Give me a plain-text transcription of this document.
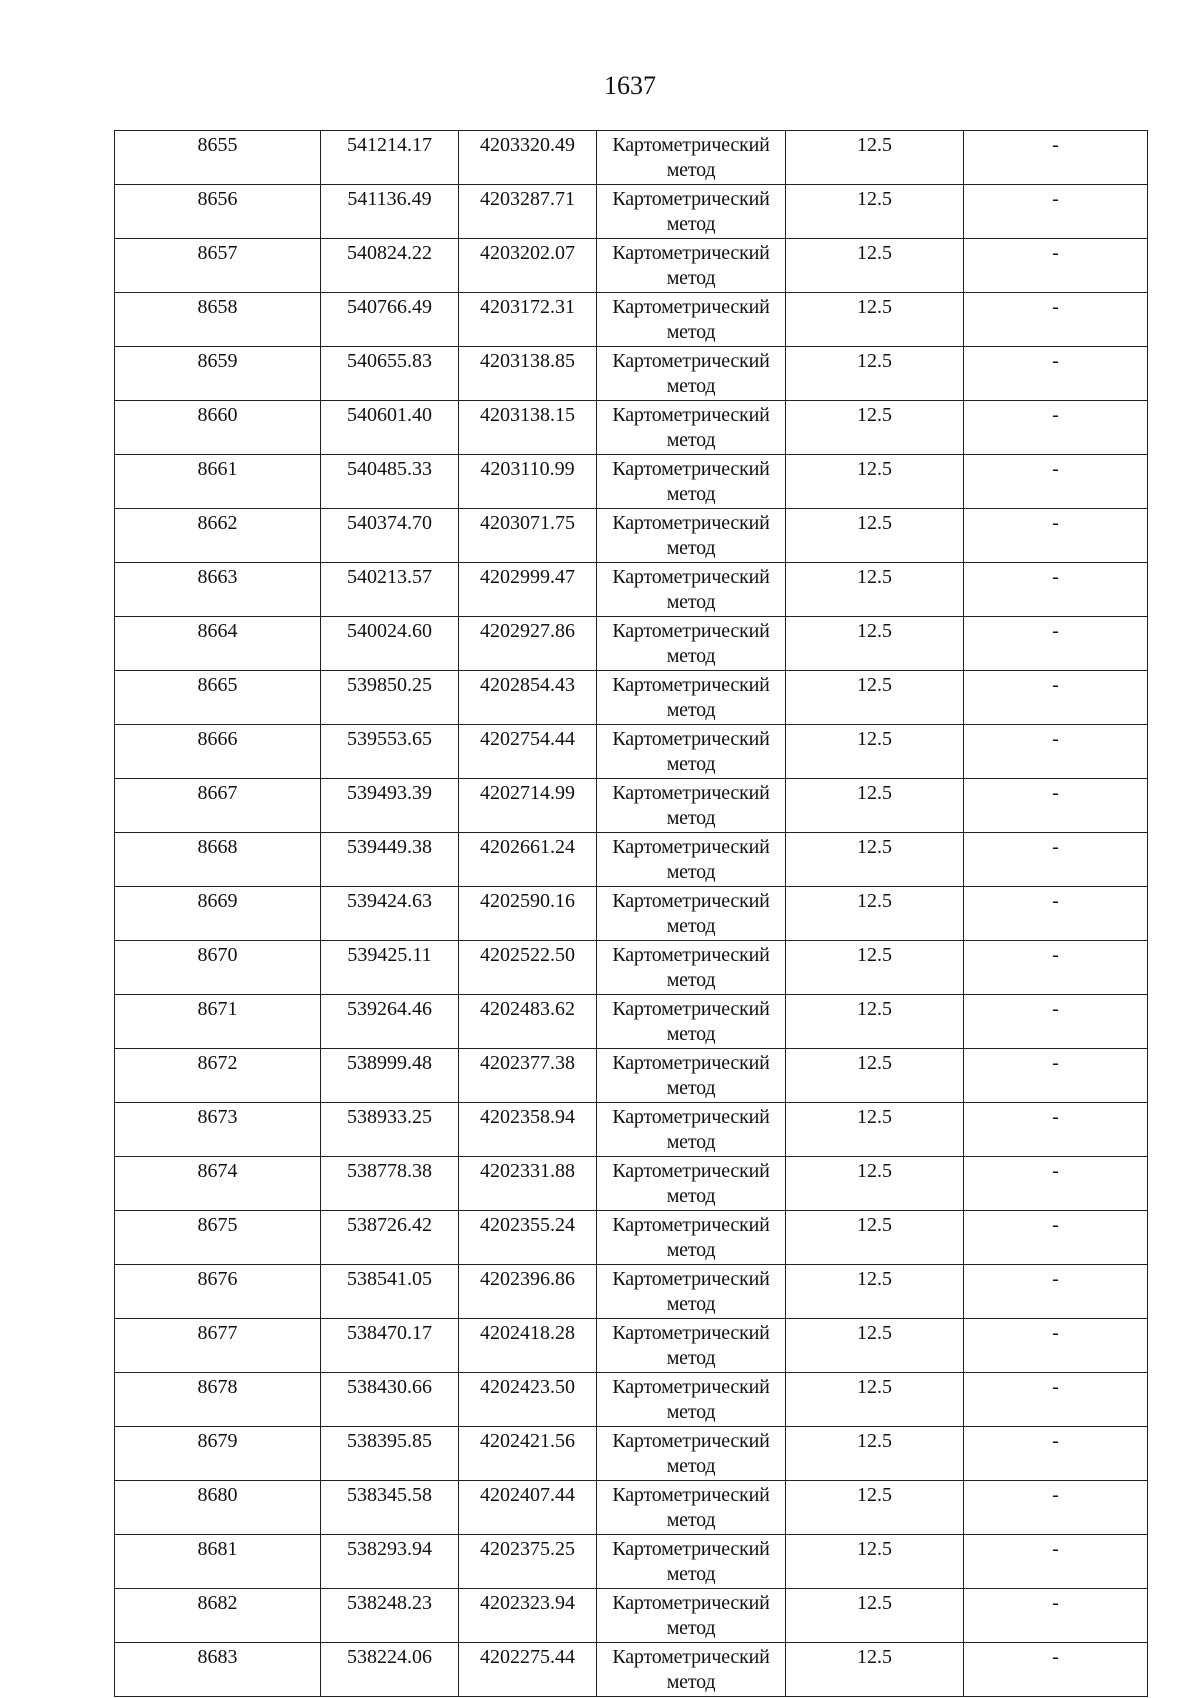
1637
8655	541214.17	4203320.49	Картометрический метод	12.5	-
8656	541136.49	4203287.71	Картометрический метод	12.5	-
8657	540824.22	4203202.07	Картометрический метод	12.5	-
8658	540766.49	4203172.31	Картометрический метод	12.5	-
8659	540655.83	4203138.85	Картометрический метод	12.5	-
8660	540601.40	4203138.15	Картометрический метод	12.5	-
8661	540485.33	4203110.99	Картометрический метод	12.5	-
8662	540374.70	4203071.75	Картометрический метод	12.5	-
8663	540213.57	4202999.47	Картометрический метод	12.5	-
8664	540024.60	4202927.86	Картометрический метод	12.5	-
8665	539850.25	4202854.43	Картометрический метод	12.5	-
8666	539553.65	4202754.44	Картометрический метод	12.5	-
8667	539493.39	4202714.99	Картометрический метод	12.5	-
8668	539449.38	4202661.24	Картометрический метод	12.5	-
8669	539424.63	4202590.16	Картометрический метод	12.5	-
8670	539425.11	4202522.50	Картометрический метод	12.5	-
8671	539264.46	4202483.62	Картометрический метод	12.5	-
8672	538999.48	4202377.38	Картометрический метод	12.5	-
8673	538933.25	4202358.94	Картометрический метод	12.5	-
8674	538778.38	4202331.88	Картометрический метод	12.5	-
8675	538726.42	4202355.24	Картометрический метод	12.5	-
8676	538541.05	4202396.86	Картометрический метод	12.5	-
8677	538470.17	4202418.28	Картометрический метод	12.5	-
8678	538430.66	4202423.50	Картометрический метод	12.5	-
8679	538395.85	4202421.56	Картометрический метод	12.5	-
8680	538345.58	4202407.44	Картометрический метод	12.5	-
8681	538293.94	4202375.25	Картометрический метод	12.5	-
8682	538248.23	4202323.94	Картометрический метод	12.5	-
8683	538224.06	4202275.44	Картометрический метод	12.5	-
